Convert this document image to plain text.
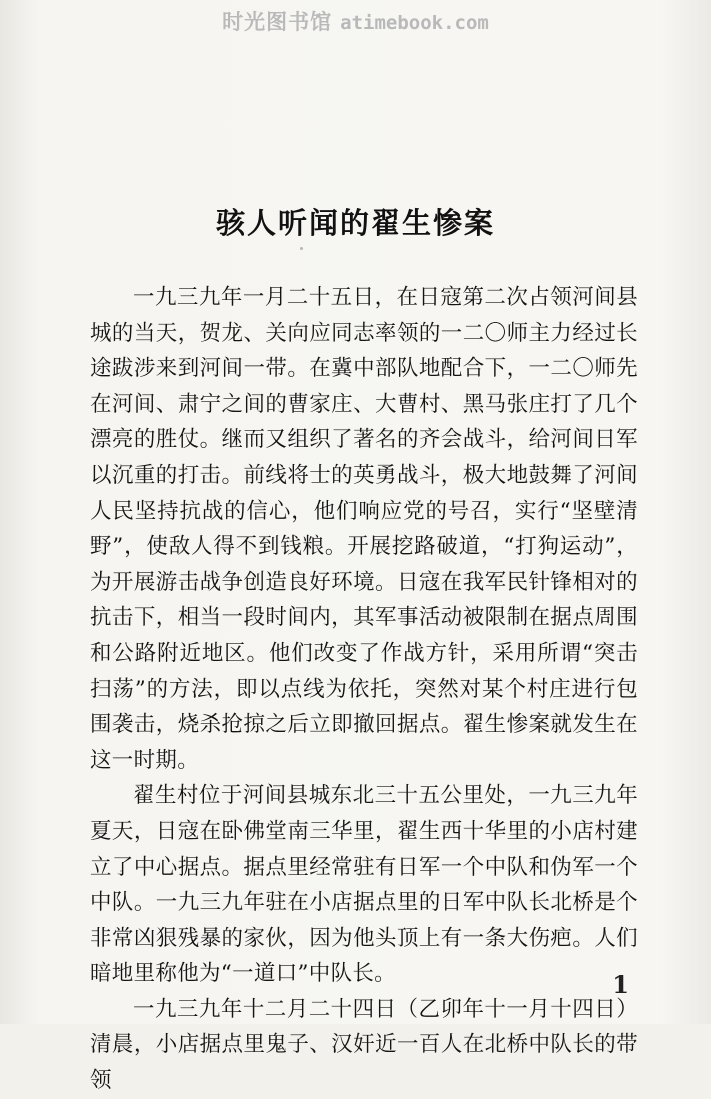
时光图书馆 atimebook.com
骇人听闻的翟生惨案

一九三九年一月二十五日，在日寇第二次占领河间县城的当天，贺龙、关向应同志率领的一二〇师主力经过长途跋涉来到河间一带。在冀中部队地配合下，一二〇师先在河间、肃宁之间的曹家庄、大曹村、黑马张庄打了几个漂亮的胜仗。继而又组织了著名的齐会战斗，给河间日军以沉重的打击。前线将士的英勇战斗，极大地鼓舞了河间人民坚持抗战的信心，他们响应党的号召，实行“坚壁清野”，使敌人得不到钱粮。开展挖路破道，“打狗运动”，为开展游击战争创造良好环境。日寇在我军民针锋相对的抗击下，相当一段时间内，其军事活动被限制在据点周围和公路附近地区。他们改变了作战方针，采用所谓“突击扫荡”的方法，即以点线为依托，突然对某个村庄进行包围袭击，烧杀抢掠之后立即撤回据点。翟生惨案就发生在这一时期。

翟生村位于河间县城东北三十五公里处，一九三九年夏天，日寇在卧佛堂南三华里，翟生西十华里的小店村建立了中心据点。据点里经常驻有日军一个中队和伪军一个中队。一九三九年驻在小店据点里的日军中队长北桥是个非常凶狠残暴的家伙，因为他头顶上有一条大伤疤。人们暗地里称他为“一道口”中队长。

一九三九年十二月二十四日（乙卯年十一月十四日）清晨，小店据点里鬼子、汉奸近一百人在北桥中队长的带领

1
